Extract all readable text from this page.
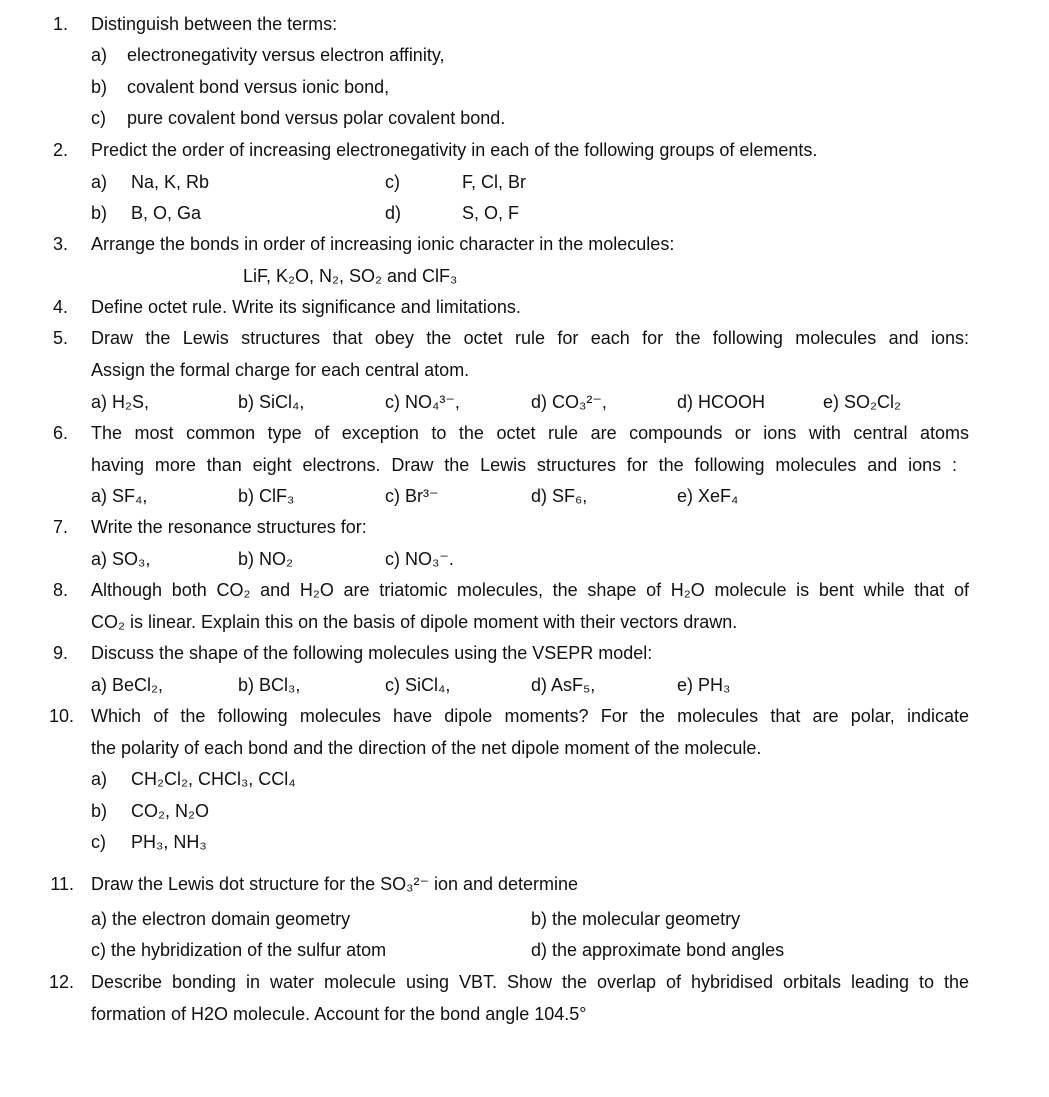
1. Distinguish between the terms:
a) electronegativity versus electron affinity,
b) covalent bond versus ionic bond,
c) pure covalent bond versus polar covalent bond.
2. Predict the order of increasing electronegativity in each of the following groups of elements.
a) Na, K, Rb	c)	F, Cl, Br
b) B, O, Ga	d)	S, O, F
3. Arrange the bonds in order of increasing ionic character in the molecules:
LiF, K₂O, N₂, SO₂ and ClF₃
4. Define octet rule. Write its significance and limitations.
5. Draw the Lewis structures that obey the octet rule for each for the following molecules and ions:
Assign the formal charge for each central atom.
a) H₂S,	b) SiCl₄,	c) NO₄³⁻,	d) CO₃²⁻,	d) HCOOH	e) SO₂Cl₂
6. The most common type of exception to the octet rule are compounds or ions with central atoms
having more than eight electrons. Draw the Lewis structures for the following molecules and ions :
a) SF₄,	b) ClF₃	c) Br³⁻	d) SF₆,	e) XeF₄
7. Write the resonance structures for:
a) SO₃,	b) NO₂	c) NO₃⁻.
8. Although both CO₂ and H₂O are triatomic molecules, the shape of H₂O molecule is bent while that of
CO₂ is linear. Explain this on the basis of dipole moment with their vectors drawn.
9. Discuss the shape of the following molecules using the VSEPR model:
a) BeCl₂,	b) BCl₃,	c) SiCl₄,	d) AsF₅,	e) PH₃
10. Which of the following molecules have dipole moments? For the molecules that are polar, indicate
the polarity of each bond and the direction of the net dipole moment of the molecule.
a) CH₂Cl₂, CHCl₃, CCl₄
b) CO₂, N₂O
c) PH₃, NH₃
11. Draw the Lewis dot structure for the SO₃²⁻ ion and determine
a) the electron domain geometry	b) the molecular geometry
c) the hybridization of the sulfur atom	d) the approximate bond angles
12. Describe bonding in water molecule using VBT. Show the overlap of hybridised orbitals leading to the
formation of H2O molecule. Account for the bond angle 104.5°
